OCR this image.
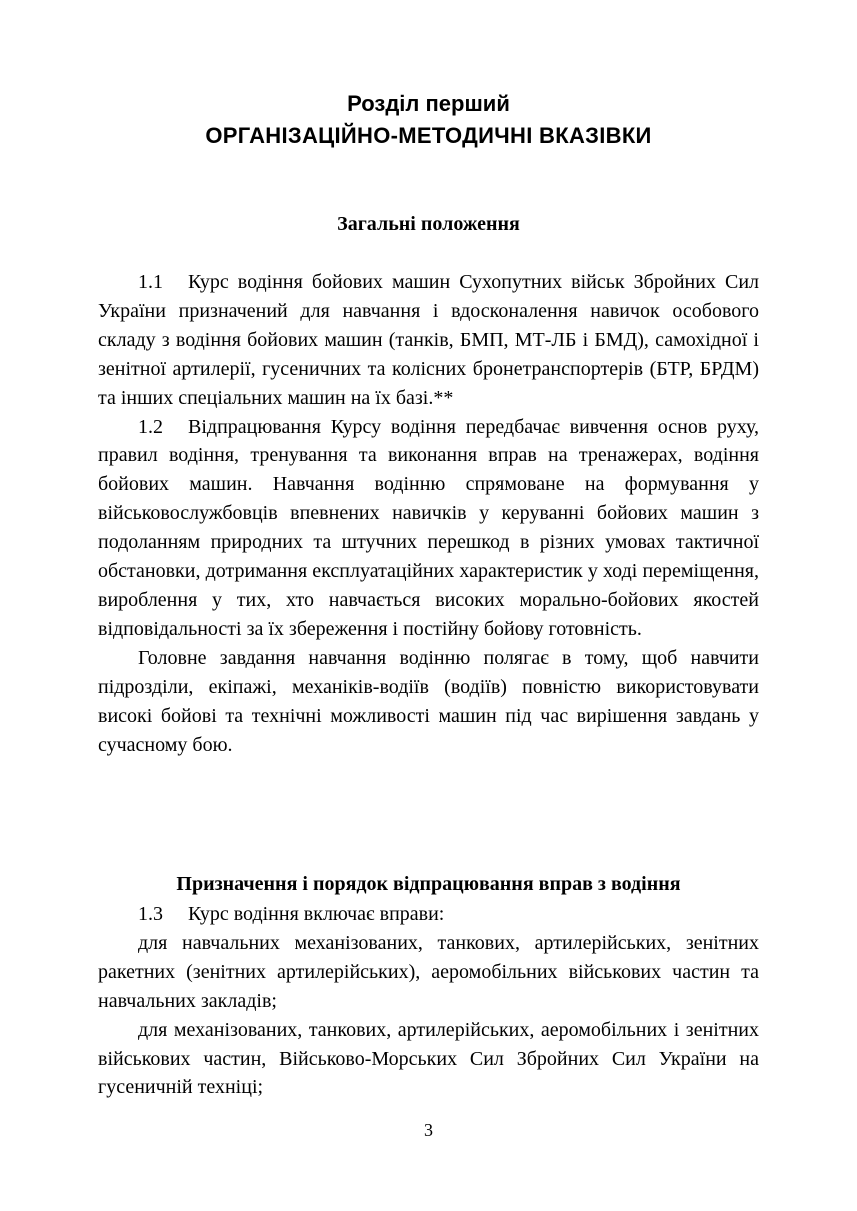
Розділ перший
ОРГАНІЗАЦІЙНО-МЕТОДИЧНІ ВКАЗІВКИ
Загальні положення

1.1 Курс водіння бойових машин Сухопутних військ Збройних Сил України призначений для навчання і вдосконалення навичок особового складу з водіння бойових машин (танків, БМП, МТ-ЛБ і БМД), самохідної і зенітної артилерії, гусеничних та колісних бронетранспортерів (БТР, БРДМ) та інших спеціальних машин на їх базі.**

1.2 Відпрацювання Курсу водіння передбачає вивчення основ руху, правил водіння, тренування та виконання вправ на тренажерах, водіння бойових машин. Навчання водінню спрямоване на формування у військовослужбовців впевнених навичків у керуванні бойових машин з подоланням природних та штучних перешкод в різних умовах тактичної обстановки, дотримання експлуатаційних характеристик у ході переміщення, вироблення у тих, хто навчається високих морально-бойових якостей відповідальності за їх збереження і постійну бойову готовність.

Головне завдання навчання водінню полягає в тому, щоб навчити підрозділи, екіпажі, механіків-водіїв (водіїв) повністю використовувати високі бойові та технічні можливості машин під час вирішення завдань у сучасному бою.

Призначення і порядок відпрацювання вправ з водіння

1.3 Курс водіння включає вправи:

для навчальних механізованих, танкових, артилерійських, зенітних ракетних (зенітних артилерійських), аеромобільних військових частин та навчальних закладів;

для механізованих, танкових, артилерійських, аеромобільних і зенітних військових частин, Військово-Морських Сил Збройних Сил України на гусеничній техніці;

3
